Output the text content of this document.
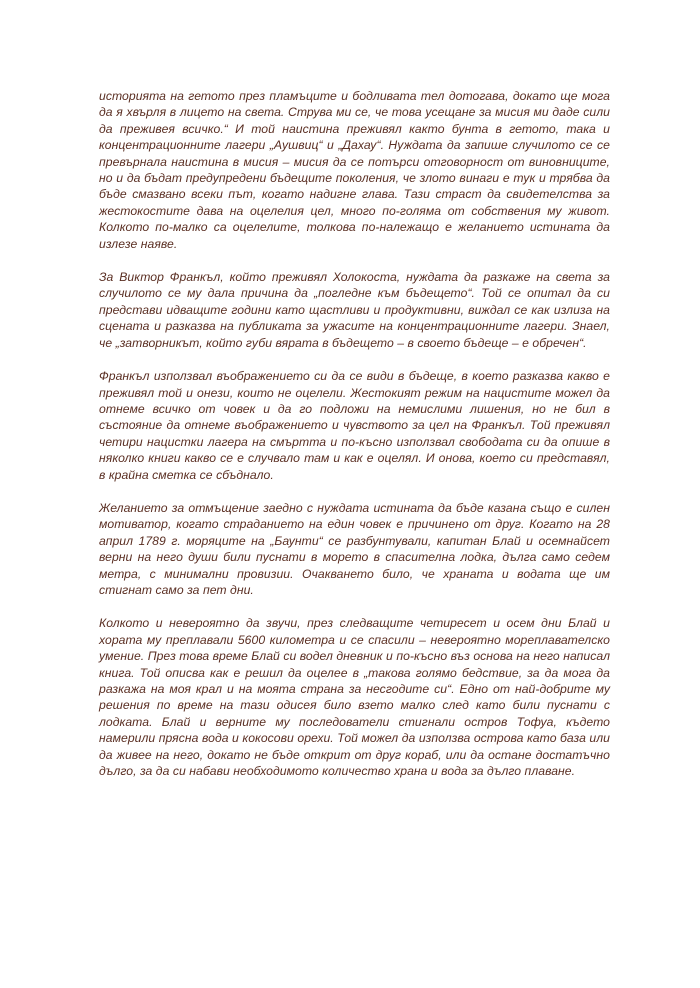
историята на гетото през пламъците и бодливата тел дотогава, докато ще мога да я хвърля в лицето на света. Струва ми се, че това усещане за мисия ми даде сили да преживея всичко.“ И той наистина преживял както бунта в гетото, така и концентрационните лагери „Аушвиц“ и „Дахау“. Нуждата да запише случилото се се превърнала наистина в мисия – мисия да се потърси отговорност от виновниците, но и да бъдат предупредени бъдещите поколения, че злото винаги е тук и трябва да бъде смазвано всеки път, когато надигне глава. Тази страст да свидетелства за жестокостите дава на оцелелия цел, много по-голяма от собствения му живот. Колкото по-малко са оцелелите, толкова по-належащо е желанието истината да излезе наяве.

За Виктор Франкъл, който преживял Холокоста, нуждата да разкаже на света за случилото се му дала причина да „погледне към бъдещето“. Той се опитал да си представи идващите години като щастливи и продуктивни, виждал се как излиза на сцената и разказва на публиката за ужасите на концентрационните лагери. Знаел, че „затворникът, който губи вярата в бъдещето – в своето бъдеще – е обречен“.

Франкъл използвал въображението си да се види в бъдеще, в което разказва какво е преживял той и онези, които не оцелели. Жестокият режим на нацистите можел да отнеме всичко от човек и да го подложи на немислими лишения, но не бил в състояние да отнеме въображението и чувството за цел на Франкъл. Той преживял четири нацистки лагера на смъртта и по-късно използвал свободата си да опише в няколко книги какво се е случвало там и как е оцелял. И онова, което си представял, в крайна сметка се сбъднало.

Желанието за отмъщение заедно с нуждата истината да бъде казана също е силен мотиватор, когато страданието на един човек е причинено от друг. Когато на 28 април 1789 г. моряците на „Баунти“ се разбунтували, капитан Блай и осемнайсет верни на него души били пуснати в морето в спасителна лодка, дълга само седем метра, с минимални провизии. Очакването било, че храната и водата ще им стигнат само за пет дни.

Колкото и невероятно да звучи, през следващите четиресет и осем дни Блай и хората му преплавали 5600 километра и се спасили – невероятно мореплавателско умение. През това време Блай си водел дневник и по-късно въз основа на него написал книга. Той описва как е решил да оцелее в „такова голямо бедствие, за да мога да разкажа на моя крал и на моята страна за несгодите си“. Едно от най-добрите му решения по време на тази одисея било взето малко след като били пуснати с лодката. Блай и верните му последователи стигнали остров Тофуа, където намерили прясна вода и кокосови орехи. Той можел да използва острова като база или да живее на него, докато не бъде открит от друг кораб, или да остане достатъчно дълго, за да си набави необходимото количество храна и вода за дълго плаване.
